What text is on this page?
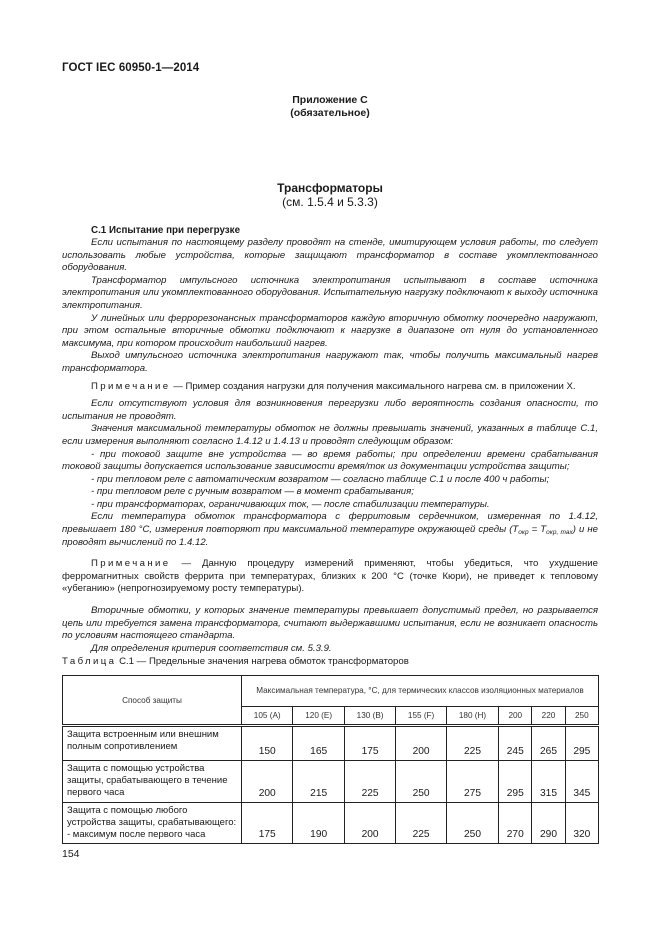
ГОСТ IEC 60950-1—2014
Приложение С
(обязательное)
Трансформаторы
(см. 1.5.4 и 5.3.3)
С.1 Испытание при перегрузке

Если испытания по настоящему разделу проводят на стенде, имитирующем условия работы, то следует использовать любые устройства, которые защищают трансформатор в составе укомплектованного оборудования.

Трансформатор импульсного источника электропитания испытывают в составе источника электропитания или укомплектованного оборудования. Испытательную нагрузку подключают к выходу источника электропитания.

У линейных или феррорезонансных трансформаторов каждую вторичную обмотку поочередно нагружают, при этом остальные вторичные обмотки подключают к нагрузке в диапазоне от нуля до установленного максимума, при котором происходит наибольший нагрев.

Выход импульсного источника электропитания нагружают так, чтобы получить максимальный нагрев трансформатора.

Примечание — Пример создания нагрузки для получения максимального нагрева см. в приложении X.

Если отсутствуют условия для возникновения перегрузки либо вероятность создания опасности, то испытания не проводят.

Значения максимальной температуры обмоток не должны превышать значений, указанных в таблице С.1, если измерения выполняют согласно 1.4.12 и 1.4.13 и проводят следующим образом:

- при токовой защите вне устройства — во время работы; при определении времени срабатывания токовой защиты допускается использование зависимости время/ток из документации устройства защиты;

- при тепловом реле с автоматическим возвратом — согласно таблице С.1 и после 400 ч работы;

- при тепловом реле с ручным возвратом — в момент срабатывания;

- при трансформаторах, ограничивающих ток, — после стабилизации температуры.

Если температура обмоток трансформатора с ферритовым сердечником, измеренная по 1.4.12, превышает 180 °С, измерения повторяют при максимальной температуре окружающей среды $(T_{окр} = T_{окр, max})$ и не проводят вычислений по 1.4.12.

Примечание — Данную процедуру измерений применяют, чтобы убедиться, что ухудшение ферромагнитных свойств феррита при температурах, близких к 200 °С (точке Кюри), не приведет к тепловому «убеганию» (непрогнозируемому росту температуры).

Вторичные обмотки, у которых значение температуры превышает допустимый предел, но разрывается цепь или требуется замена трансформатора, считают выдержавшими испытания, если не возникает опасность по условиям настоящего стандарта.

Для определения критерия соответствия см. 5.3.9.

Таблица С.1 — Предельные значения нагрева обмоток трансформаторов
Способ защиты	Максимальная температура, °С, для термических классов изоляционных материалов							
	105 (A)	120 (E)	130 (B)	155 (F)	180 (H)	200	220	250
Защита встроенным или внешним полным сопротивлением	150	165	175	200	225	245	265	295
Защита с помощью устройства защиты, срабатывающего в течение первого часа	200	215	225	250	275	295	315	345
Защита с помощью любого устройства защиты, срабатывающего: - максимум после первого часа	175	190	200	225	250	270	290	320
154
